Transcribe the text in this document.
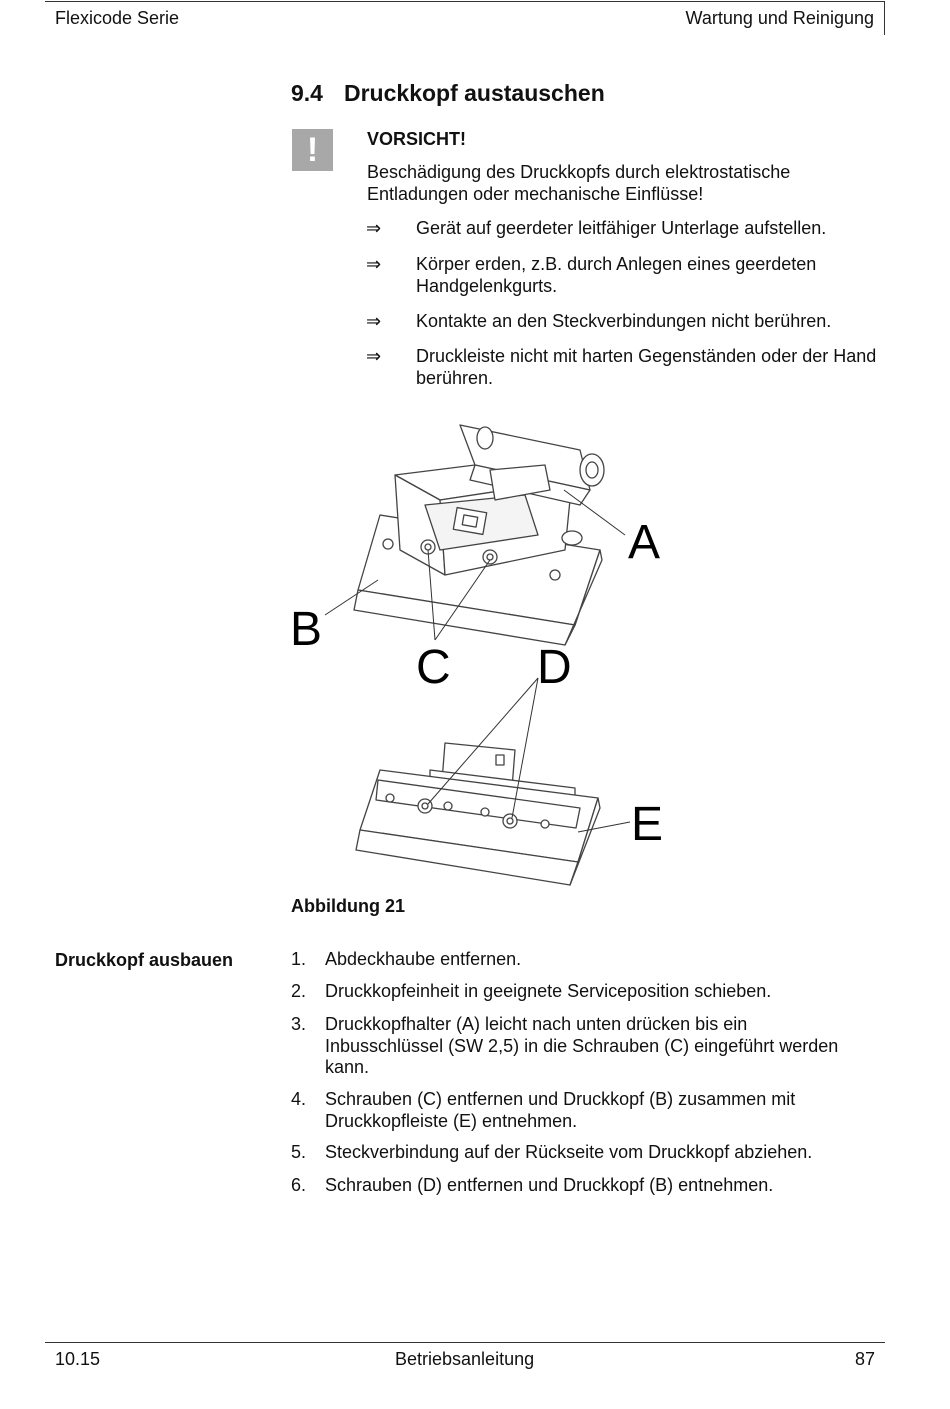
Flexicode Serie	Wartung und Reinigung
9.4 Druckkopf austauschen
!	VORSICHT!
Beschädigung des Druckkopfs durch elektrostatische Entladungen oder mechanische Einflüsse!
⇒ Gerät auf geerdeter leitfähiger Unterlage aufstellen.
⇒ Körper erden, z.B. durch Anlegen eines geerdeten Handgelenkgurts.
⇒ Kontakte an den Steckverbindungen nicht berühren.
⇒ Druckleiste nicht mit harten Gegenständen oder der Hand berühren.
A
B
C D
E
Abbildung 21
Druckkopf ausbauen	1. Abdeckhaube entfernen.
2. Druckkopfeinheit in geeignete Serviceposition schieben.
3. Druckkopfhalter (A) leicht nach unten drücken bis ein Inbusschlüssel (SW 2,5) in die Schrauben (C) eingeführt werden kann.
4. Schrauben (C) entfernen und Druckkopf (B) zusammen mit Druckkopfleiste (E) entnehmen.
5. Steckverbindung auf der Rückseite vom Druckkopf abziehen.
6. Schrauben (D) entfernen und Druckkopf (B) entnehmen.
10.15	Betriebsanleitung	87
